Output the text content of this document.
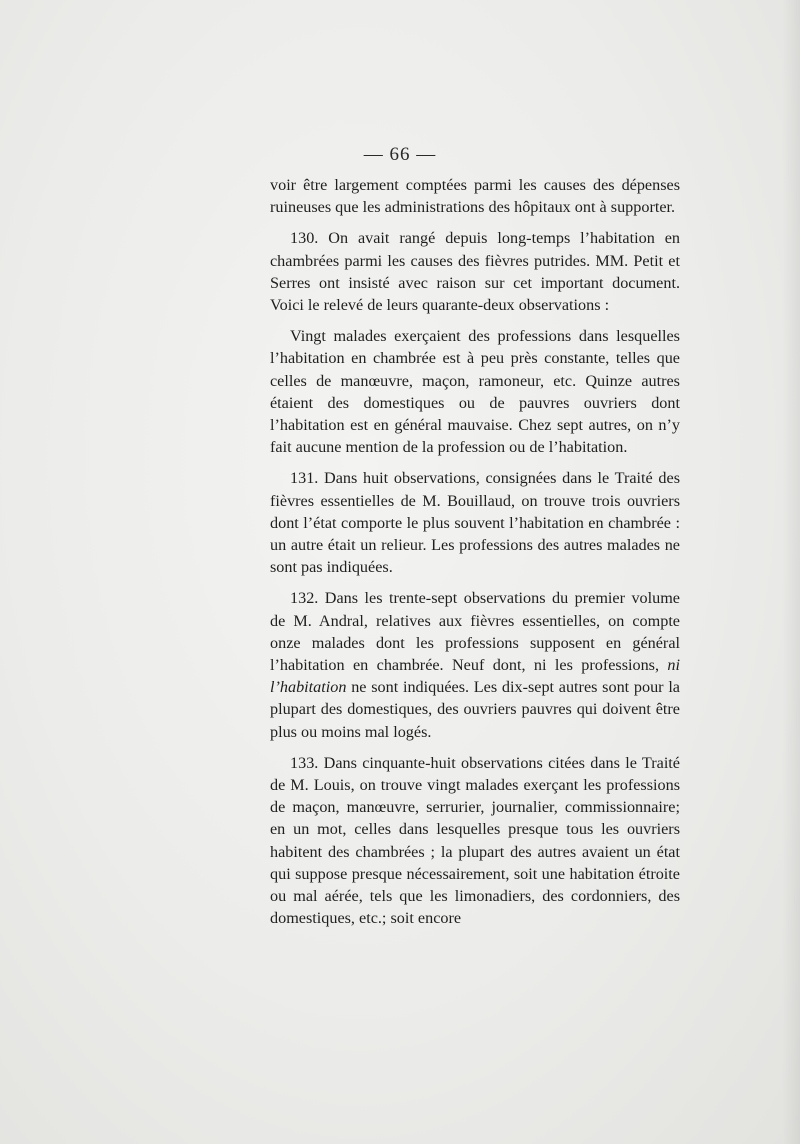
— 66 —

voir être largement comptées parmi les causes des dépenses ruineuses que les administrations des hôpitaux ont à supporter.

130. On avait rangé depuis long-temps l’habitation en chambrées parmi les causes des fièvres putrides. MM. Petit et Serres ont insisté avec raison sur cet important document. Voici le relevé de leurs quarante-deux observations :

Vingt malades exerçaient des professions dans lesquelles l’habitation en chambrée est à peu près constante, telles que celles de manœuvre, maçon, ramoneur, etc. Quinze autres étaient des domestiques ou de pauvres ouvriers dont l’habitation est en général mauvaise. Chez sept autres, on n’y fait aucune mention de la profession ou de l’habitation.

131. Dans huit observations, consignées dans le Traité des fièvres essentielles de M. Bouillaud, on trouve trois ouvriers dont l’état comporte le plus souvent l’habitation en chambrée : un autre était un relieur. Les professions des autres malades ne sont pas indiquées.

132. Dans les trente-sept observations du premier volume de M. Andral, relatives aux fièvres essentielles, on compte onze malades dont les professions supposent en général l’habitation en chambrée. Neuf dont, ni les professions, ni l’habitation ne sont indiquées. Les dix-sept autres sont pour la plupart des domestiques, des ouvriers pauvres qui doivent être plus ou moins mal logés.

133. Dans cinquante-huit observations citées dans le Traité de M. Louis, on trouve vingt malades exerçant les professions de maçon, manœuvre, serrurier, journalier, commissionnaire; en un mot, celles dans lesquelles presque tous les ouvriers habitent des chambrées ; la plupart des autres avaient un état qui suppose presque nécessairement, soit une habitation étroite ou mal aérée, tels que les limonadiers, des cordonniers, des domestiques, etc.; soit encore
